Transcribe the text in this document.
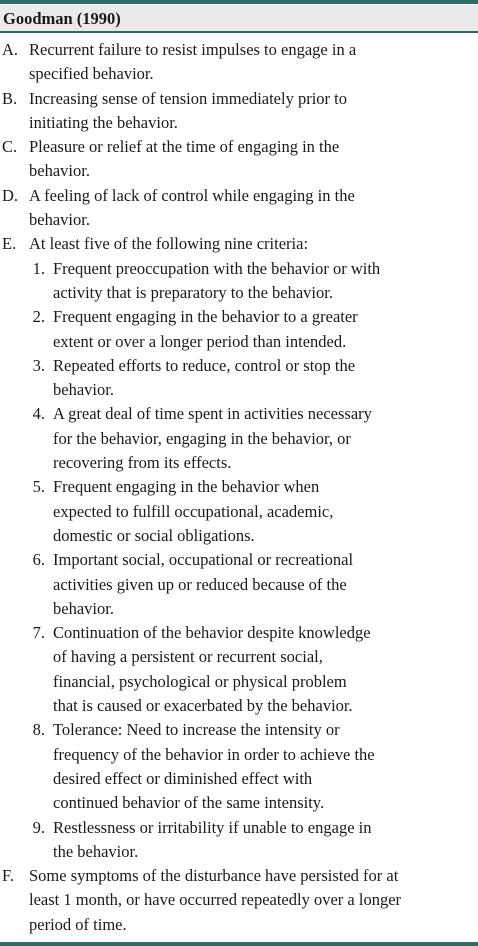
Goodman (1990)
A. Recurrent failure to resist impulses to engage in a
specified behavior.
B. Increasing sense of tension immediately prior to
initiating the behavior.
C. Pleasure or relief at the time of engaging in the
behavior.
D. A feeling of lack of control while engaging in the
behavior.
E. At least five of the following nine criteria:
1. Frequent preoccupation with the behavior or with
activity that is preparatory to the behavior.
2. Frequent engaging in the behavior to a greater
extent or over a longer period than intended.
3. Repeated efforts to reduce, control or stop the
behavior.
4. A great deal of time spent in activities necessary
for the behavior, engaging in the behavior, or
recovering from its effects.
5. Frequent engaging in the behavior when
expected to fulfill occupational, academic,
domestic or social obligations.
6. Important social, occupational or recreational
activities given up or reduced because of the
behavior.
7. Continuation of the behavior despite knowledge
of having a persistent or recurrent social,
financial, psychological or physical problem
that is caused or exacerbated by the behavior.
8. Tolerance: Need to increase the intensity or
frequency of the behavior in order to achieve the
desired effect or diminished effect with
continued behavior of the same intensity.
9. Restlessness or irritability if unable to engage in
the behavior.
F. Some symptoms of the disturbance have persisted for at
least 1 month, or have occurred repeatedly over a longer
period of time.
